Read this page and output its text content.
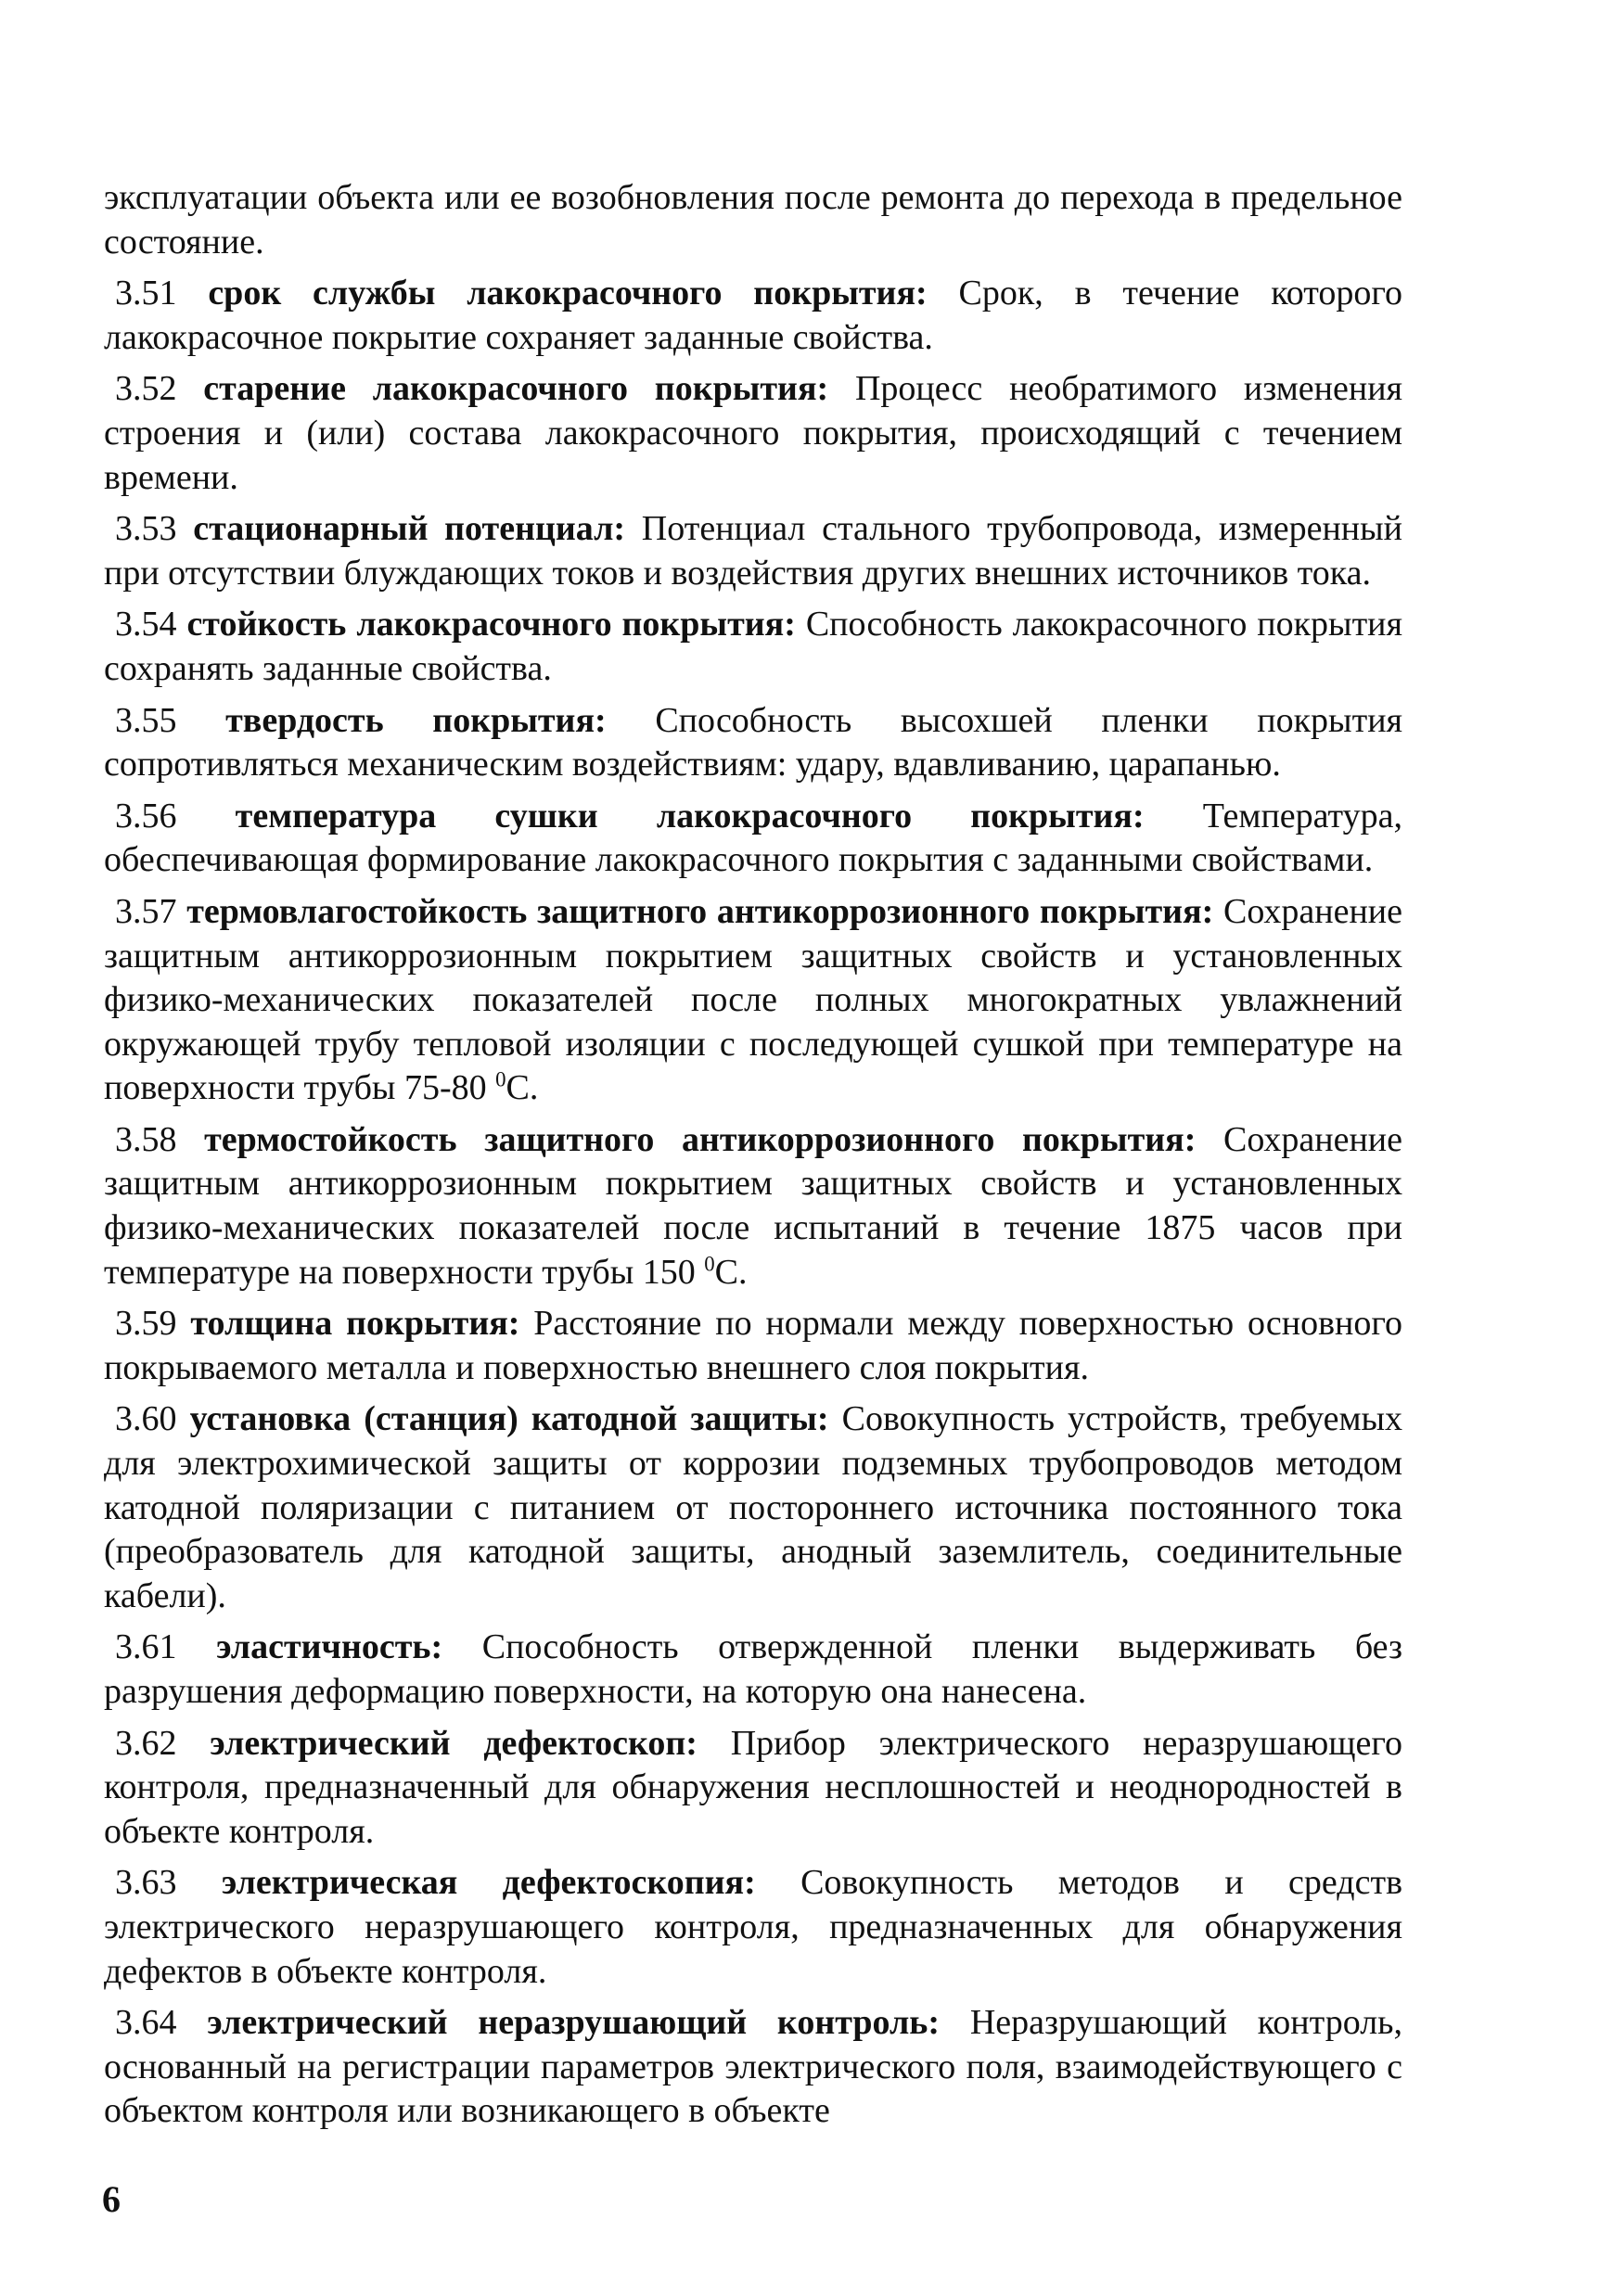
эксплуатации объекта или ее возобновления после ремонта до перехода в предельное состояние.

3.51 срок службы лакокрасочного покрытия: Срок, в течение которого лакокрасочное покрытие сохраняет заданные свойства.

3.52 старение лакокрасочного покрытия: Процесс необратимого изменения строения и (или) состава лакокрасочного покрытия, происходящий с течением времени.

3.53 стационарный потенциал: Потенциал стального трубопровода, измеренный при отсутствии блуждающих токов и воздействия других внешних источников тока.

3.54 стойкость лакокрасочного покрытия: Способность лакокрасочного покрытия сохранять заданные свойства.

3.55 твердость покрытия: Способность высохшей пленки покрытия сопротивляться механическим воздействиям: удару, вдавливанию, царапанью.

3.56 температура сушки лакокрасочного покрытия: Температура, обеспечивающая формирование лакокрасочного покрытия с заданными свойствами.

3.57 термовлагостойкость защитного антикоррозионного покрытия: Сохранение защитным антикоррозионным покрытием защитных свойств и установленных физико-механических показателей после полных многократных увлажнений окружающей трубу тепловой изоляции с последующей сушкой при температуре на поверхности трубы 75-80 $^0$С.

3.58 термостойкость защитного антикоррозионного покрытия: Сохранение защитным антикоррозионным покрытием защитных свойств и установленных физико-механических показателей после испытаний в течение 1875 часов при температуре на поверхности трубы 150 $^0$С.

3.59 толщина покрытия: Расстояние по нормали между поверхностью основного покрываемого металла и поверхностью внешнего слоя покрытия.

3.60 установка (станция) катодной защиты: Совокупность устройств, требуемых для электрохимической защиты от коррозии подземных трубопроводов методом катодной поляризации с питанием от постороннего источника постоянного тока (преобразователь для катодной защиты, анодный заземлитель, соединительные кабели).

3.61 эластичность: Способность отвержденной пленки выдерживать без разрушения деформацию поверхности, на которую она нанесена.

3.62 электрический дефектоскоп: Прибор электрического неразрушающего контроля, предназначенный для обнаружения несплошностей и неоднородностей в объекте контроля.

3.63 электрическая дефектоскопия: Совокупность методов и средств электрического неразрушающего контроля, предназначенных для обнаружения дефектов в объекте контроля.

3.64 электрический неразрушающий контроль: Неразрушающий контроль, основанный на регистрации параметров электрического поля, взаимодействующего с объектом контроля или возникающего в объекте

6
